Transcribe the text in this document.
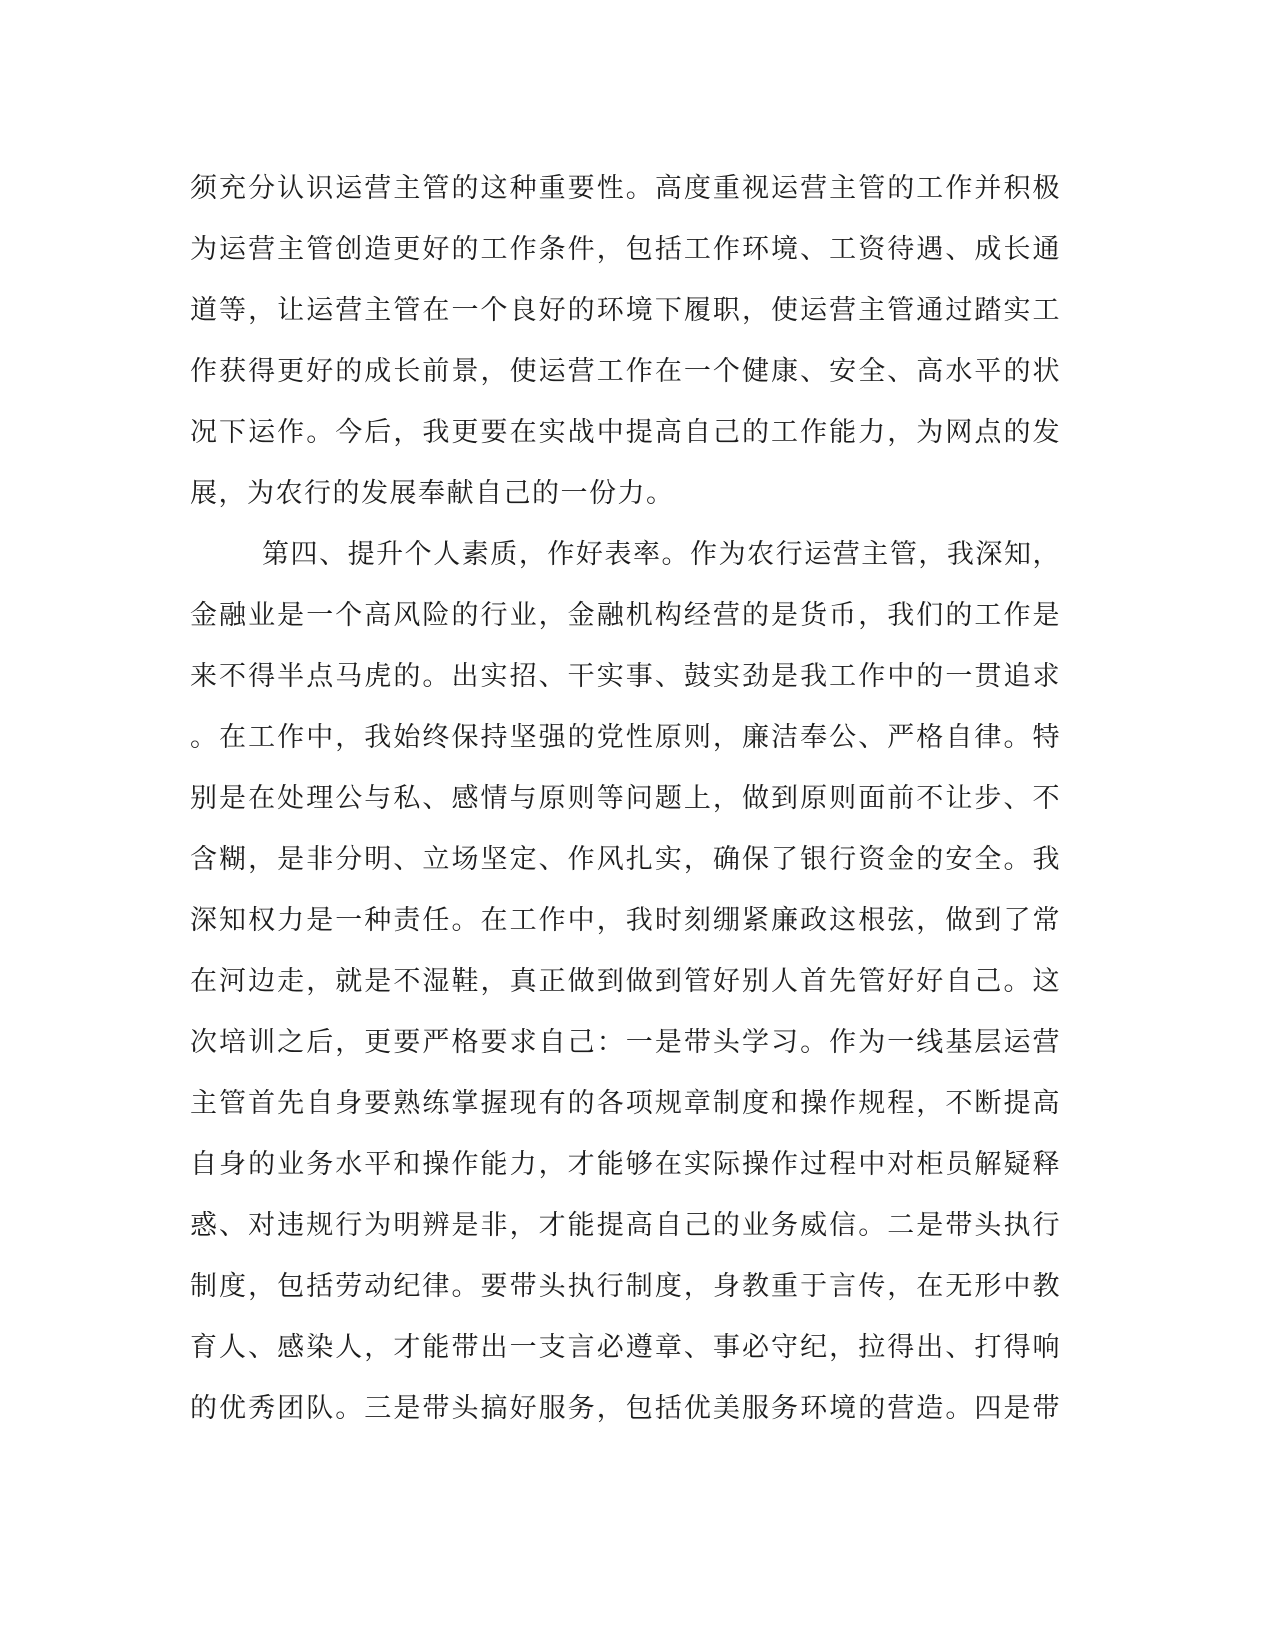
须充分认识运营主管的这种重要性。高度重视运营主管的工作并积极
为运营主管创造更好的工作条件，包括工作环境、工资待遇、成长通
道等，让运营主管在一个良好的环境下履职，使运营主管通过踏实工
作获得更好的成长前景，使运营工作在一个健康、安全、高水平的状
况下运作。今后，我更要在实战中提高自己的工作能力，为网点的发
展，为农行的发展奉献自己的一份力。
第四、提升个人素质，作好表率。作为农行运营主管，我深知，
金融业是一个高风险的行业，金融机构经营的是货币，我们的工作是
来不得半点马虎的。出实招、干实事、鼓实劲是我工作中的一贯追求
。在工作中，我始终保持坚强的党性原则，廉洁奉公、严格自律。特
别是在处理公与私、感情与原则等问题上，做到原则面前不让步、不
含糊，是非分明、立场坚定、作风扎实，确保了银行资金的安全。我
深知权力是一种责任。在工作中，我时刻绷紧廉政这根弦，做到了常
在河边走，就是不湿鞋，真正做到做到管好别人首先管好好自己。这
次培训之后，更要严格要求自己：一是带头学习。作为一线基层运营
主管首先自身要熟练掌握现有的各项规章制度和操作规程，不断提高
自身的业务水平和操作能力，才能够在实际操作过程中对柜员解疑释
惑、对违规行为明辨是非，才能提高自己的业务威信。二是带头执行
制度，包括劳动纪律。要带头执行制度，身教重于言传，在无形中教
育人、感染人，才能带出一支言必遵章、事必守纪，拉得出、打得响
的优秀团队。三是带头搞好服务，包括优美服务环境的营造。四是带
